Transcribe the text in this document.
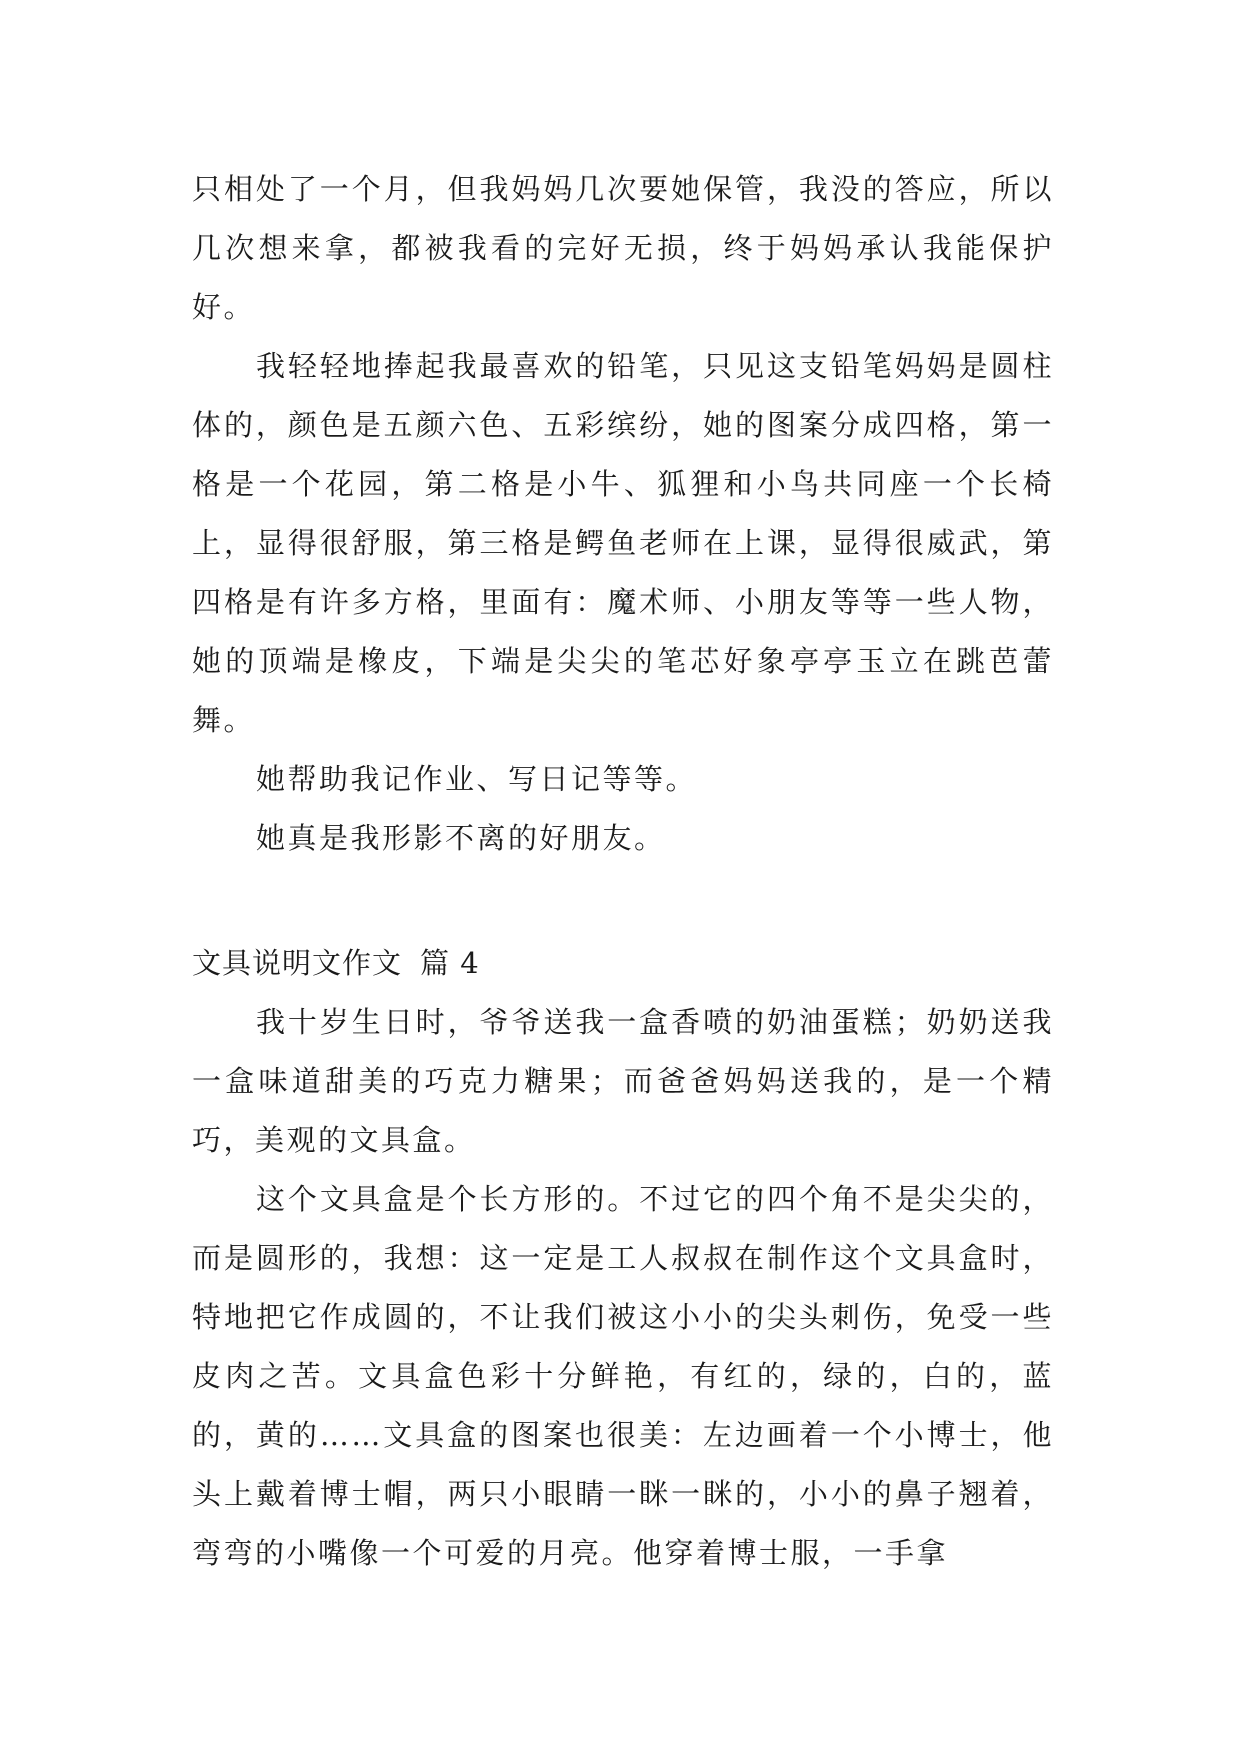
只相处了一个月，但我妈妈几次要她保管，我没的答应，所以几次想来拿，都被我看的完好无损，终于妈妈承认我能保护好。

我轻轻地捧起我最喜欢的铅笔，只见这支铅笔妈妈是圆柱体的，颜色是五颜六色、五彩缤纷，她的图案分成四格，第一格是一个花园，第二格是小牛、狐狸和小鸟共同座一个长椅上，显得很舒服，第三格是鳄鱼老师在上课，显得很威武，第四格是有许多方格，里面有：魔术师、小朋友等等一些人物，她的顶端是橡皮，下端是尖尖的笔芯好象亭亭玉立在跳芭蕾舞。

她帮助我记作业、写日记等等。

她真是我形影不离的好朋友。

文具说明文作文 篇 4

我十岁生日时，爷爷送我一盒香喷的奶油蛋糕；奶奶送我一盒味道甜美的巧克力糖果；而爸爸妈妈送我的，是一个精巧，美观的文具盒。

这个文具盒是个长方形的。不过它的四个角不是尖尖的，而是圆形的，我想：这一定是工人叔叔在制作这个文具盒时，特地把它作成圆的，不让我们被这小小的尖头刺伤，免受一些皮肉之苦。文具盒色彩十分鲜艳，有红的，绿的，白的，蓝的，黄的……文具盒的图案也很美：左边画着一个小博士，他头上戴着博士帽，两只小眼睛一眯一眯的，小小的鼻子翘着，弯弯的小嘴像一个可爱的月亮。他穿着博士服，一手拿
